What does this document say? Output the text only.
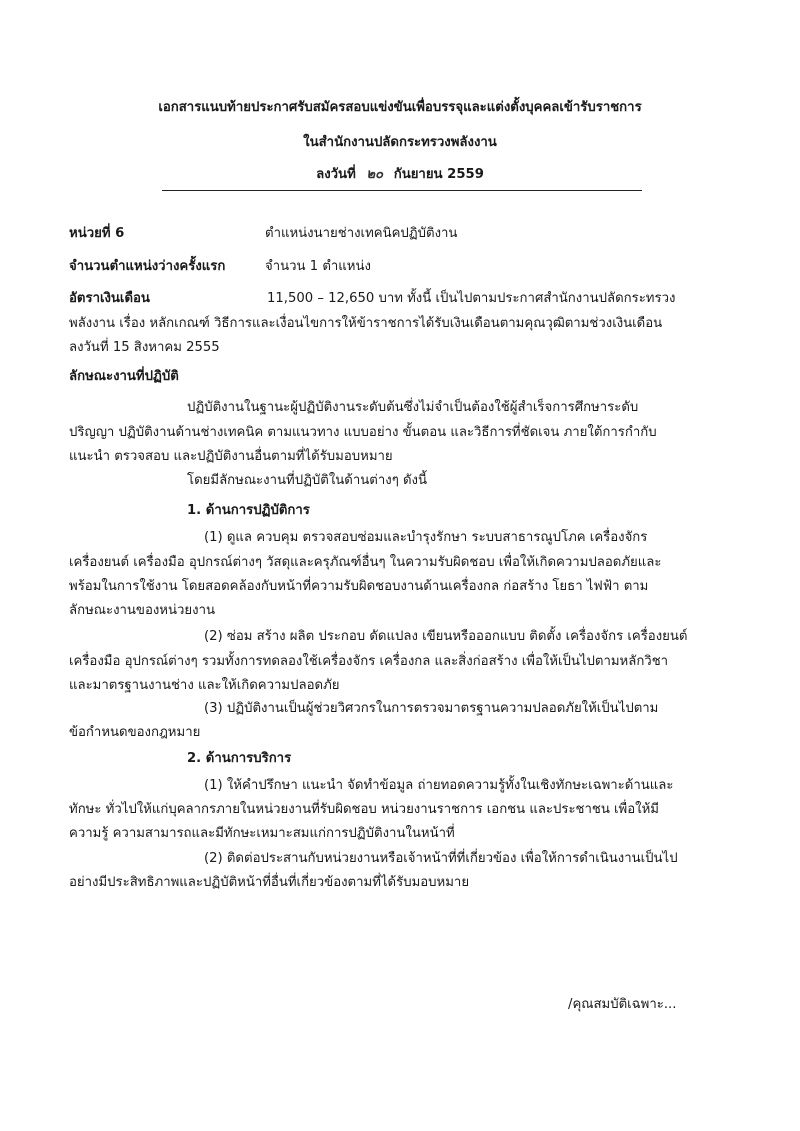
เอกสารแนบท้ายประกาศรับสมัครสอบแข่งขันเพื่อบรรจุและแต่งตั้งบุคคลเข้ารับราชการ
ในสำนักงานปลัดกระทรวงพลังงาน
ลงวันที่ ๒๐ กันยายน 2559
หน่วยที่ 6	ตำแหน่งนายช่างเทคนิคปฏิบัติงาน
จำนวนตำแหน่งว่างครั้งแรก	จำนวน 1 ตำแหน่ง
อัตราเงินเดือน	11,500 – 12,650 บาท ทั้งนี้ เป็นไปตามประกาศสำนักงานปลัดกระทรวง
พลังงาน เรื่อง หลักเกณฑ์ วิธีการและเงื่อนไขการให้ข้าราชการได้รับเงินเดือนตามคุณวุฒิตามช่วงเงินเดือน
ลงวันที่ 15 สิงหาคม 2555
ลักษณะงานที่ปฏิบัติ
ปฏิบัติงานในฐานะผู้ปฏิบัติงานระดับต้นซึ่งไม่จำเป็นต้องใช้ผู้สำเร็จการศึกษาระดับ
ปริญญา ปฏิบัติงานด้านช่างเทคนิค ตามแนวทาง แบบอย่าง ขั้นตอน และวิธีการที่ชัดเจน ภายใต้การกำกับ
แนะนำ ตรวจสอบ และปฏิบัติงานอื่นตามที่ได้รับมอบหมาย
โดยมีลักษณะงานที่ปฏิบัติในด้านต่างๆ ดังนี้
1. ด้านการปฏิบัติการ
(1) ดูแล ควบคุม ตรวจสอบซ่อมและบำรุงรักษา ระบบสาธารณูปโภค เครื่องจักร
เครื่องยนต์ เครื่องมือ อุปกรณ์ต่างๆ วัสดุและครุภัณฑ์อื่นๆ ในความรับผิดชอบ เพื่อให้เกิดความปลอดภัยและ
พร้อมในการใช้งาน โดยสอดคล้องกับหน้าที่ความรับผิดชอบงานด้านเครื่องกล ก่อสร้าง โยธา ไฟฟ้า ตาม
ลักษณะงานของหน่วยงาน
(2) ซ่อม สร้าง ผลิต ประกอบ ดัดแปลง เขียนหรือออกแบบ ติดตั้ง เครื่องจักร เครื่องยนต์
เครื่องมือ อุปกรณ์ต่างๆ รวมทั้งการทดลองใช้เครื่องจักร เครื่องกล และสิ่งก่อสร้าง เพื่อให้เป็นไปตามหลักวิชา
และมาตรฐานงานช่าง และให้เกิดความปลอดภัย
(3) ปฏิบัติงานเป็นผู้ช่วยวิศวกรในการตรวจมาตรฐานความปลอดภัยให้เป็นไปตาม
ข้อกำหนดของกฎหมาย
2. ด้านการบริการ
(1) ให้คำปรึกษา แนะนำ จัดทำข้อมูล ถ่ายทอดความรู้ทั้งในเชิงทักษะเฉพาะด้านและ
ทักษะ ทั่วไปให้แก่บุคลากรภายในหน่วยงานที่รับผิดชอบ หน่วยงานราชการ เอกชน และประชาชน เพื่อให้มี
ความรู้ ความสามารถและมีทักษะเหมาะสมแก่การปฏิบัติงานในหน้าที่
(2) ติดต่อประสานกับหน่วยงานหรือเจ้าหน้าที่ที่เกี่ยวข้อง เพื่อให้การดำเนินงานเป็นไป
อย่างมีประสิทธิภาพและปฏิบัติหน้าที่อื่นที่เกี่ยวข้องตามที่ได้รับมอบหมาย
/คุณสมบัติเฉพาะ...
